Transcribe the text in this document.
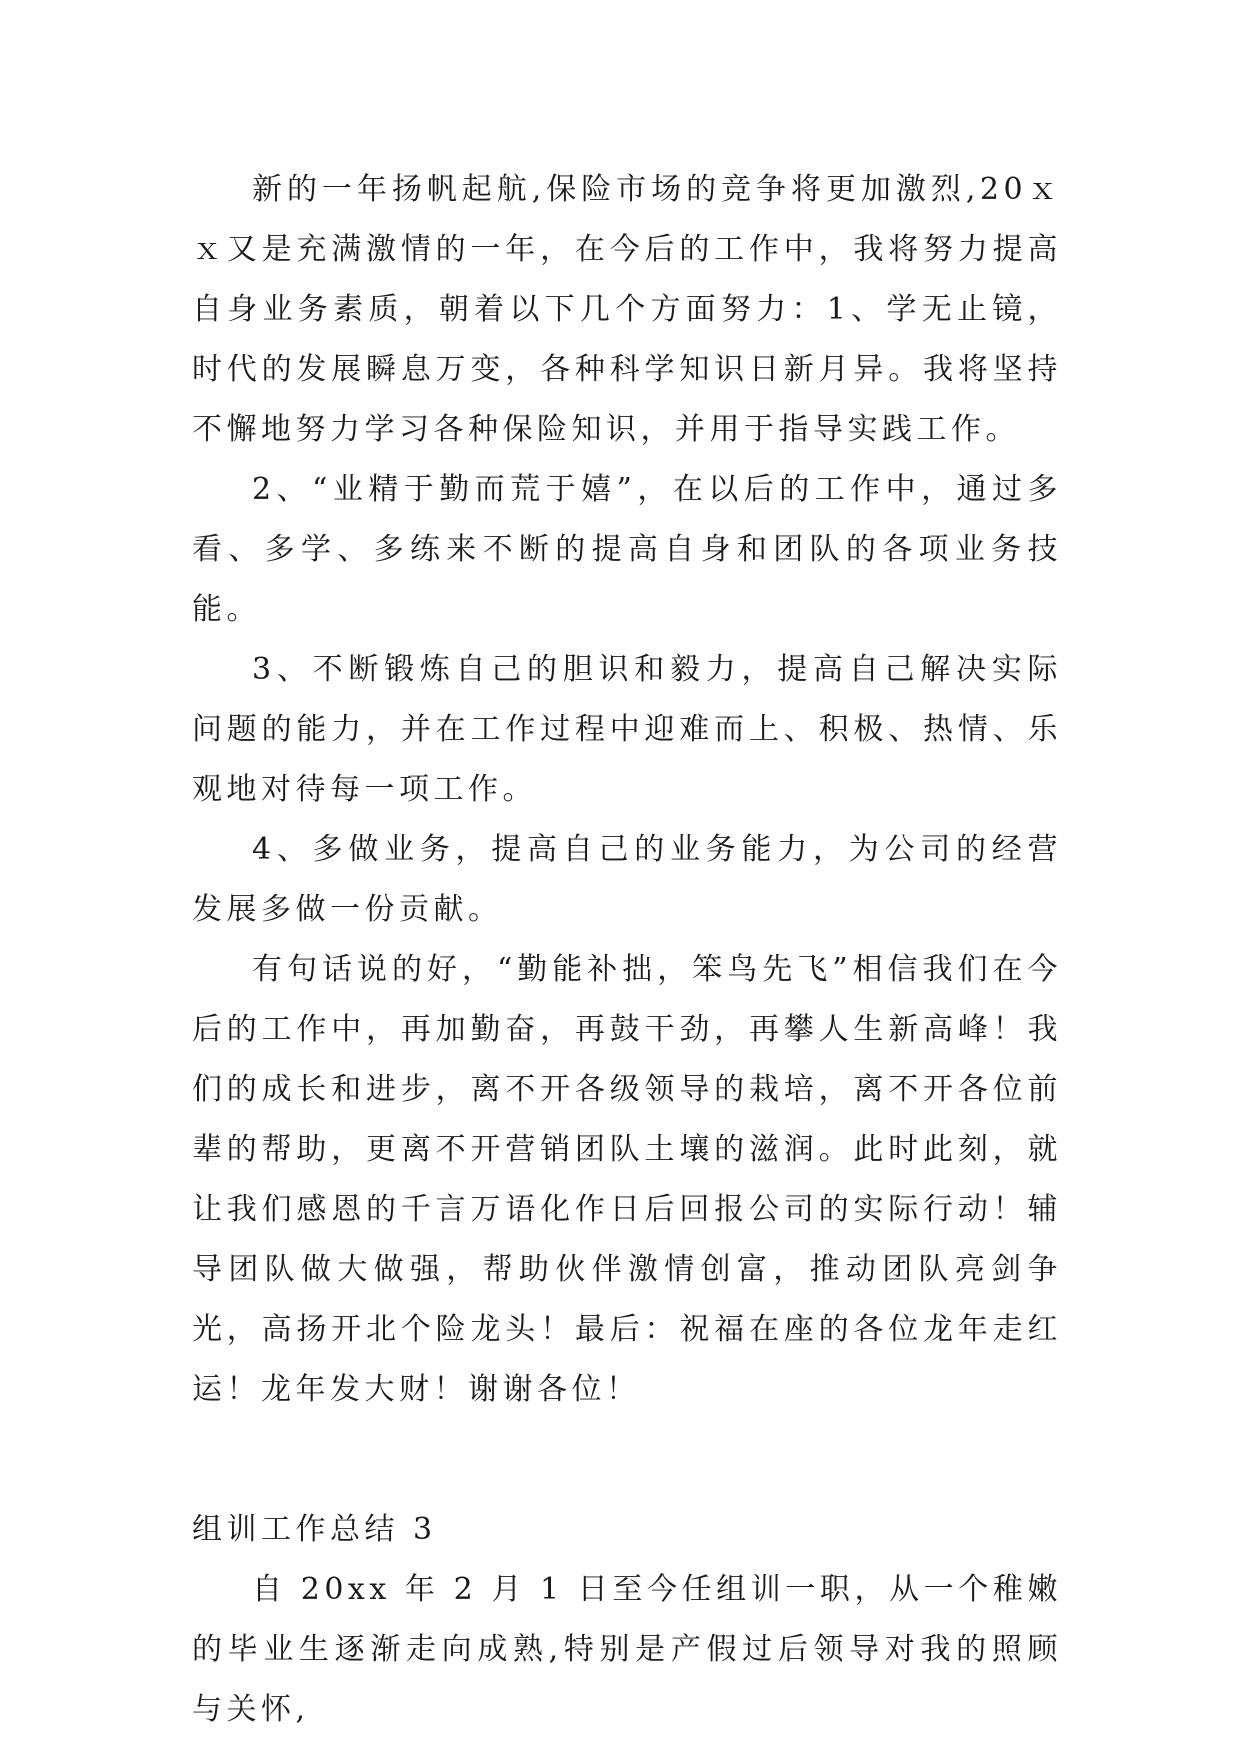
新的一年扬帆起航,保险市场的竞争将更加激烈,20ｘｘ又是充满激情的一年，在今后的工作中，我将努力提高自身业务素质，朝着以下几个方面努力：1、学无止镜，时代的发展瞬息万变，各种科学知识日新月异。我将坚持不懈地努力学习各种保险知识，并用于指导实践工作。

2、“业精于勤而荒于嬉”，在以后的工作中，通过多看、多学、多练来不断的提高自身和团队的各项业务技能。

3、不断锻炼自己的胆识和毅力，提高自己解决实际问题的能力，并在工作过程中迎难而上、积极、热情、乐观地对待每一项工作。

4、多做业务，提高自己的业务能力，为公司的经营发展多做一份贡献。

有句话说的好，“勤能补拙，笨鸟先飞”相信我们在今后的工作中，再加勤奋，再鼓干劲，再攀人生新高峰！我们的成长和进步，离不开各级领导的栽培，离不开各位前辈的帮助，更离不开营销团队土壤的滋润。此时此刻，就让我们感恩的千言万语化作日后回报公司的实际行动！辅导团队做大做强，帮助伙伴激情创富，推动团队亮剑争光，高扬开北个险龙头！最后：祝福在座的各位龙年走红运！龙年发大财！谢谢各位！

组训工作总结 3

自 20xx 年 2 月 1 日至今任组训一职，从一个稚嫩的毕业生逐渐走向成熟,特别是产假过后领导对我的照顾与关怀,
